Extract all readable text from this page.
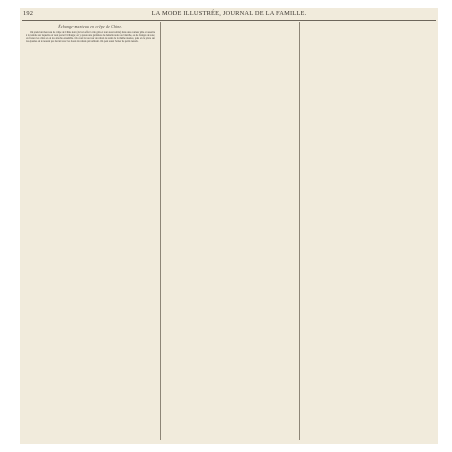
192	LA MODE ILLUSTRÉE, JOURNAL DE LA FAMILLE.

Échange-manteau en crêpe de Chine.

On prend un morceau de crêpe de Chine noir (de bon effet à cinq plis et tout aussi solide) dans une couleur pâle et assortie à la toilette sur laquelle on veut porter l'échange; on y ajoute une garniture de dentelle noire ou blanche, ou de franges de soie; on fronce les côtés et on les attache ensemble. On coud le tout sur un ruban de satin de la même nuance, puis on le place sur les épaules en le nouant par devant avec les bouts du ruban qui tombent. On peut aussi l'orner de petits nœuds.
